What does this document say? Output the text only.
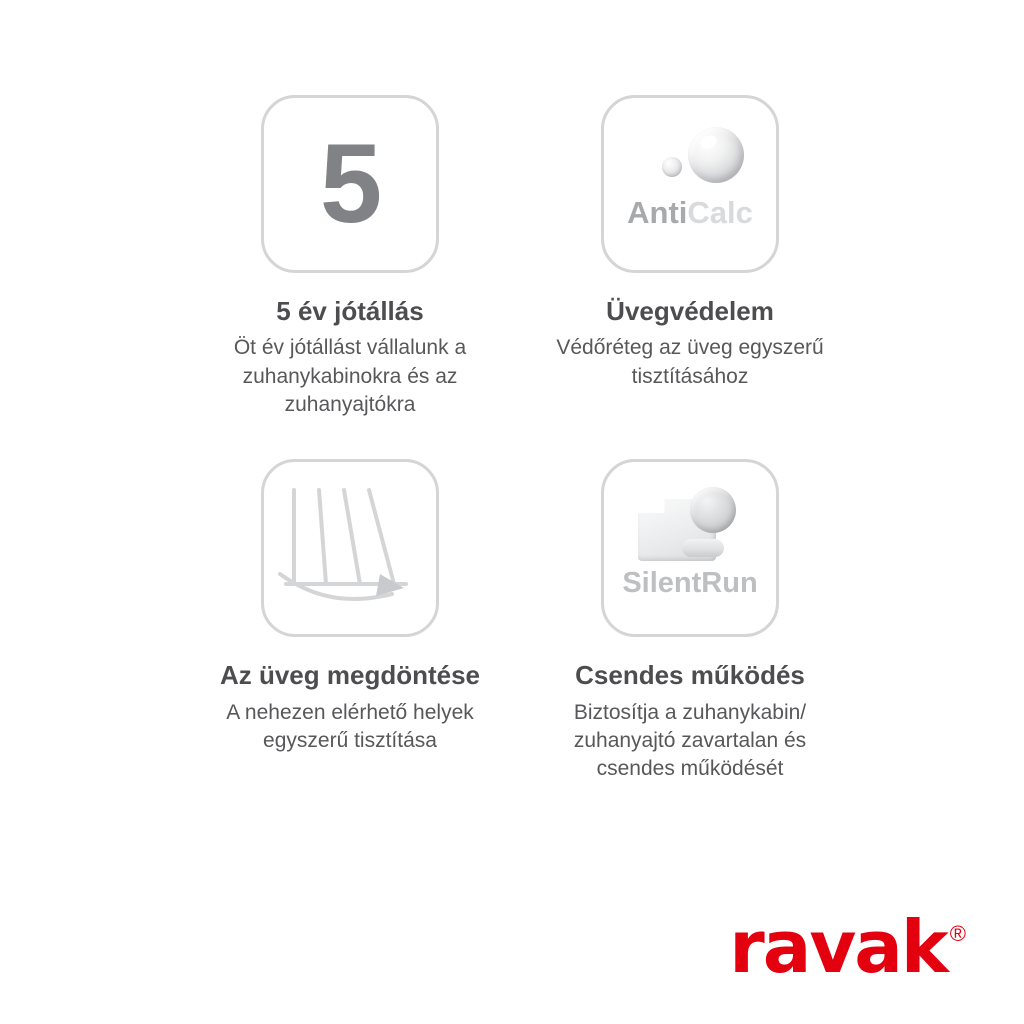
5
5 év jótállás
Öt év jótállást vállalunk a zuhanykabinokra és az zuhanyajtókra
AntiCalc
Üvegvédelem
Védőréteg az üveg egyszerű tisztításához
Az üveg megdöntése
A nehezen elérhető helyek egyszerű tisztítása
SilentRun
Csendes működés
Biztosítja a zuhanykabin/ zuhanyajtó zavartalan és csendes működését
ravak ®
